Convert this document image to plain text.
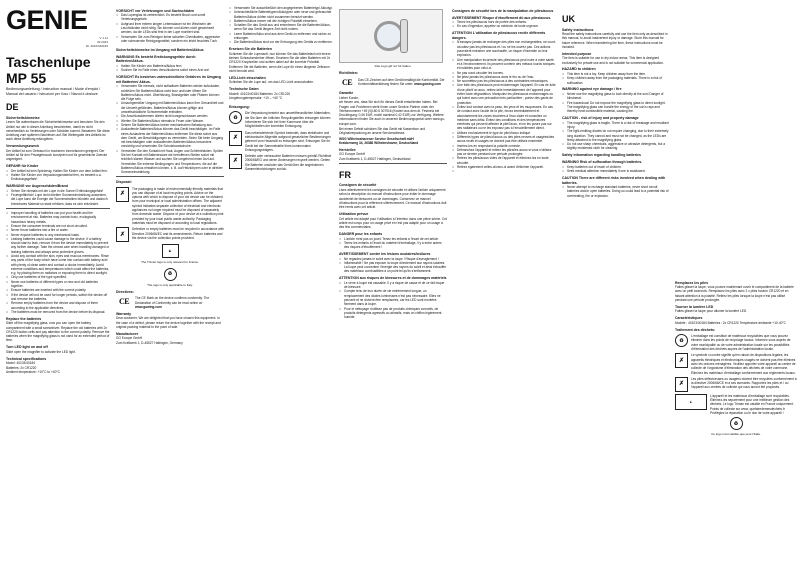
GENIE
V 1.11
02.2024
ID: 40103/40184
Taschenlupe MP 55
Bedienungsanleitung / Instruction manual / Mode d'emploi / Manual del usuario / Istruzioni per l'uso / Návod k obsluze
DE
Sicherheitshinweise
Lesen Sie aufmerksam die Sicherheitshinweise und benutzen Sie den Artikel nur wie in dieser Anleitung beschrieben, damit es nicht versehentlich zu Verletzungen oder Schäden kommt. Bewahren Sie diese Anleitung zum späteren Nachlesen auf. Bei Weitergabe des Artikels ist auch diese Anleitung mitzugeben.
Verwendungszweck
Der Artikel ist zum Gebrauch in trockenen Innenräumen geeignet. Der Artikel ist für den Privatgebrauch konzipiert und für gewerbliche Zwecke ungeeignet.
GEFAHR für Kinder
• Der Artikel ist kein Spielzeug. Halten Sie Kinder von dem Artikel fern.
• Halten Sie Kinder von Verpackungsmaterial fern, es besteht u.a. Erstickungsgefahr!
WARNUNG vor Augenschäden/Brand
• Sehen Sie niemals mit der Lupe in die Sonne! Erblindungsgefahr!
• Feuergefährlich! Lupe nicht direkter Sonneneinstrahlung aussetzen, die Lupe kann die Energie der Sonnenstrahlen bündeln und dadurch brennbares Material so stark erhitzen, dass es sich entzündet.
• Improper handling of batteries can put your health and the environment at risk. Batteries may contain toxic, ecologically hazardous heavy metals.
• Ensure the consumer terminals are not short-circuited.
• Never throw batteries into a fire or water.
• Never expose batteries to any mechanical loads.
• Leaking batteries could cause damage to the device. If a battery should start to leak, remove it from the device immediately to prevent any further damage. Take the utmost care when handling damaged or leaking batteries and always wear protective gloves.
• Avoid any contact with the skin, eyes and mucous membranes. Rinse any parts of the body which have come into contact with battery acid with plenty of clean water and contact a doctor immediately. Avoid extreme conditions and temperatures which could affect the batteries, e.g. by placing them on radiators or exposing them to direct sunlight.
• Only use batteries of the type specified.
• Never use batteries of different types or new and old batteries together.
• Ensure batteries are inserted with the correct polarity.
• If the device will not be used for longer periods, switch the device off and remove the batteries.
• Remove empty batteries from the device and dispose of them according to the applicable directives.
• The batteries must be removed from the device before its disposal.
Replace the batteries
Slide off the magnifying glass, now you can open the battery compartment with a small screwdriver. Replace the old batteries with 2x CR1220 button cells and pay attention to the correct polarity. Remove the batteries when the magnifying glass is not used for an extended period of time.
Turn LED light on and off
Slide open the magnifier to activate the LED light.
Technical specifications
Model: 40103/40184
Batteries: 2x CR1220
Ambient temperature: +10°C to +40°C
VORSICHT vor Verletzungen und Sachschäden
• Das Lupenglas ist zerbrechlich. Es besteht Bruch und somit Verletzungsgefahr.
• Aufgrund ihrer extrem langen Lebensdauer ist ein Wechseln der Leuchtdioden nicht nötig. Sie können und dürfen nicht gewechselt werden, da die LEDs sind fest in der Lupe montiert sind.
• Verwenden Sie zum Reinigen keine scharfen Chemikalien, aggressive oder scheuernde Reinigungsmittel, sondern ein leicht feuchtes Tuch.
Sicherheitshinweise im Umgang mit Batterien/Akkus
WARNUNG Es besteht Erstickungsgefahr durch Batterien/Akkus.
• Halten Sie Kinder von Batterien/Akkus fern.
• Suchen Sie im Falle eines Verschluckens sofort einen Arzt auf.
VORSICHT Es bestehen unterschiedliche Gefahren im Umgang mit Batterien/ Akkus.
• Verwenden Sie niemals, nicht aufladbare Batterien wieder aufzuladen, schließen Sie Batterien/Akkus nicht kurz und/oder öffnen Sie Batterien/Akkus nicht. Überhitzung, Brandgefahr oder Platzen können die Folge sein.
• Unsachgemäßer Umgang mit Batterien/Akkus kann Ihre Gesundheit und die Umwelt gefährden. Batterien/Akkus können giftige und umweltschädliche Schwermetalle enthalten.
• Die Anschlussklemmen dürfen nicht kurzgeschlossen werden.
• Werfen Sie Batterien/Akkus niemals in Feuer oder Wasser.
• Setzen Sie Batterien/Akkus keiner mechanischen Belastung aus.
• Auslaufende Batterien/Akkus können das Gerät beschädigen. Im Falle eines Auslaufens der Batterien/Akkus entfernen Sie diese sofort aus dem Gerät, um Beschädigungen zu vermeiden. Seien Sie beim Umgang mit beschädigten oder auslaufenden Batterien/Akkus besonders vorsichtig und verwenden Sie Schutzhandschuhe.
• Vermeiden Sie den Kontakt mit Haut, Augen und Schleimhäuten. Spülen Sie bei Kontakt mit Batteriesäure die betroffenen Stellen sofort mit reichlich klarem Wasser und suchen Sie umgehend einen Arzt auf. Vermeiden Sie extreme Bedingungen und Temperaturen, die auf die Batterien/Akkus einwirken können, z. B. auf Heizkörpern oder in direkter Sonneneinstrahlung.
Disposal:
✗
The packaging is made of environmentally friendly materials that you can dispose of at local recycling points. Advice on the options with which to dispose of your old device can be obtained from your municipal or local administration offices. The adjacent symbol indicates separate collection of electrical and electronic appliances no longer required must be disposed of separately from domestic waste. Dispose of your device at a collection point provided by your local public waste authority. Packaging materials must be disposed of according to local regulations.
✗
Defective or empty batteries must be recycled in accordance with Directive 2006/66/EC and its amendments. Return batteries and the device via the collection points provided.
☯
The Triman logo is only relevant for France.
♻
The logo is only applicable to Italy.
Directives:
CE	The CE Mark on the device confirms conformity. The Declaration of Conformity can be read online at: www.gowing.com
Warranty
Dear customer, We are delighted that you have chosen this equipment. In the case of a defect, please return the device together with the receipt and original packing material to the point of sale.
Manufacturer
GO Europe GmbH
Zum Kraftwerk 1, D-45527 Hattingen, Germany
• Verwenden Sie ausschließlich den angegebenen Batterietyp/ Akkutyp.
• Unterschiedliche Batterietypen/Akkutypen oder neue und gebrauchte Batterien/Akkus dürfen nicht zusammen benutzt werden.
• Batterien/Akkus immer mit der richtigen Polarität einsetzen.
• Schalten Sie das Gerät aus und entnehmen Sie die Batterien/Akkus, wenn Sie das Gerät längere Zeit nicht nutzen.
• Leere Batterien/Akku sind aus dem Gerät zu entfernen und sicher zu entsorgen.
• Die Batterien/Akkus sind vor der Entsorgung des Geräts zu entfernen.
Ersetzen Sie die Batterien
Schieben Sie die Lupenaufl. nun können Sie das Batteriefach mit einem kleinen Schraubendreher öffnen. Ersetzen Sie die alten Batterien mit 2x CR1220 Knopfzellen und achten dabei auf die korrekte Polarität. Entfernen Sie die Batterien, wenn die Lupe für einen längeren Zeitraum nicht benutzt wird.
LED-Licht einschalten
Schieben Sie die Lupe auf, um das LED-Licht anzuschalten.
Technische Daten
Modell: 40103/40184 Batterien: 2x CR1220
Umgebungstemperatur: +10 – +40 °C
Entsorgung:
♻
Die Verpackung besteht aus umweltfreundlichen Materialien, die Sie über die örtlichen Recyclingstellen entsorgen können. Informieren Sie sich bei Ihrer Kommune über die Möglichkeiten der korrekten Entsorgung.
✗
Das nebenstehende Symbol bedeutet, dass elektrische und elektronische Altgeräte aufgrund gesetzlicher Bestimmungen getrennt vom Hausmüll zu entsorgen sind. Entsorgen Sie Ihr Gerät bei der Sammelstelle Ihres kommunalen Entsorgungsträgers.
✗
Defekte oder verbrauchte Batterien müssen gemäß Richtlinie 2006/66/EG und deren Änderungen recycelt werden. Geben Sie Batterien und/oder das Gerät über die angebotenen Sammeleinrichtungen zurück.
Das Logo gilt nur für Italien.
Richtlinien:
CE	Das CE-Zeichen auf dem Gerät bestätigt die Konformität. Die Konformitätserklärung finden Sie unter: www.gowing.com
Garantie
Lieber Kunde,
wir freuen uns, dass Sie sich für dieses Gerät entschieden haben. Bei Fragen und Problemen steht Ihnen unser Service-Partner unter der Telefonnummer +49 (0)180 6 307916 (Kosten aus dem dt. Festnetz bei Drucklegung: 0,06 EUR, mobil maximal 0,42 EUR) zur Verfügung. Weitere Informationen finden Sie auch in unserem Bedienungsportal unter www.go-europe.com.
Bei einem Defekt schicken Sie das Gerät mit Kassenbon und Originalverpackung an unsere Serviceadresse.
WSG Wilhelmshavener Service Gesellschaft mbH
Krabbenweg 34, 26388 Wilhelmshaven, Deutschland
Hersteller:
GO Europe GmbH
Zum Kraftwerk 1, D-45527 Hattingen, Deutschland
FR
Consignes de sécurité
Lisez attentivement les consignes de sécurité et utilisez l'article uniquement selon la description du manuel d'instructions pour éviter le dommage accidentel de blessures ou de dommages. Conservez ce manuel d'instructions pour la référence ultérieurement. Ce manuel d'instructions doit être remis avec cet article.
Utilisation prévue
Cet article est adapté pour l'utilisation à l'intérieur dans une pièce sèche. Cet article est conçu pour un usage privé et n'est pas adapté pour un usage à des fins commerciales.
DANGER pour les enfants
• L'article n'est pas un jouet. Tenez les enfants à l'écart de cet article.
• Tenez les enfants à l'écart du matériel d'emballage, il y a entre autres des risques d'étouffement !
AVERTISSEMENT contre les lésions oculaires/brûlures
• Ne regardez jamais le soleil avec la loupe ! Risque d'aveuglement !
• Inflammable ! Ne pas exposer la loupe directement aux rayons solaires. La loupe peut concentrer l'énergie des rayons du soleil et ainsi échauffer des matériaux combustibles à un point tel qu'ils s'enflamment.
ATTENTION aux risques de blessures et de dommages matériels
• Le verre à loupe est cassable. Il y a risque de casse et de ce fait risque de blessure.
• Compte tenu de leur durée de vie extrêmement longue, un remplacement des diodes lumineuses n'est pas nécessaire. Elles ne peuvent et ne doivent être remplacées, car les LED sont montées fixement dans la loupe.
• Pour le nettoyage n'utilisez pas de produits chimiques corrosifs, de produits détergents agressifs ou abrasifs, mais un chiffon légèrement humide.
Consignes de sécurité lors de la manipulation de piles/accus
AVERTISSEMENT Risque d'étouffement dû aux piles/accus.
• Tenez les piles/accus hors de portée des enfants.
• En cas d'ingestion, appelez un médecin de toute urgence.
ATTENTION L'utilisation de piles/accus recèle différents dangers.
• N'essayez jamais de recharger des piles non rechargeables, ne court-circuitez pas les piles/accus et / ou ne les ouvrez pas. Ces actions pourraient entraîner une surchauffe, un risque d'incendie ou leur explosion.
• Une manipulation incorrecte des piles/accus peut nuire à votre santé et à l'environnement. Ils peuvent contenir des métaux lourds toxiques et nuisibles pour celui-ci.
• Ne pas court-circuiter les bornes.
• Ne jetez jamais les piles/accus dans le feu ou de l'eau.
• Ne soumettez pas les piles/accus à des contraintes mécaniques.
• Une fuite des piles/accus peut endommager l'appareil. En cas de fuite d'une pile/d'un accu, retirez-la/le immédiatement de l'appareil pour éviter toute dégradation. Manipulez les piles/accus endommagés ou qui fuient avec une précaution très particulière ; portez des gants de protection.
• Évitez tout contact avec la peau, les yeux et les muqueuses. En cas de contact avec l'acide de la pile, rincez immédiatement et abondamment les zones touchées à l'eau claire et consultez un médecin sans délai. Évitez des conditions et des températures extrêmes qui peuvent affecter la pile/l'accu, et ne les posez pas sur des radiateurs ou ne les exposez pas à l'ensoleillement direct.
• Utilisez exclusivement le type de pile/d'accu indiqué.
• Différents types de piles/d'accus ou des piles neuves et usagées/des accus neufs et usagés ne doivent pas être utilisés ensemble.
• Insérez-les en respectant la polarité correcte.
• Débranchez l'appareil et retirez les piles/les accus si vous n'utilisez pas ce dernier pendant une période prolongée.
• Retirez les piles/accus vides de l'appareil et éliminez-les en toute sécurité.
• Retirez également celles-ci/ceux-ci avant d'éliminer l'appareil.
UK
Safety instructions
Read the safety instructions carefully and use the item only as described in this manual, to avoid inadvertent injury or damage. Store this manual for future reference. When transferring the item, these instructions must be included.
Intended purpose
The item is suitable for use in dry indoor areas. This item is designed exclusively for private use and is not suitable for commercial application.
HAZARD to children
• This item is not a toy. Keep children away from the item.
• Keep children away from the packaging materials. There is a risk of suffocation.
WARNING against eye damage / fire
• Never use the magnifying glass to look directly at the sun! Danger of blindness!
• Fire hazardous! Do not expose the magnifying glass to direct sunlight. The magnifying glass can bundle the energy of the sun's rays and thereby heat combustible material, causing fire.
CAUTION - risk of injury and property damage
• The magnifying glass is fragile. There is a risk of breakage and resultant injury.
• The light-emitting diodes do not require changing, due to their extremely long duration. They cannot and must not be changed, as the LEDs are firmly attached to the magnifying glass.
• Do not use sharp chemicals, aggressive or abrasive detergents, but a slightly moistened cloth for cleaning.
Safety information regarding handling batteries
WARNING Risk of suffocation through batteries.
• Keep batteries out of reach of children.
• Seek medical attention immediately if one is swallowed.
CAUTION There are different risks involved when dealing with batteries.
• Never attempt to recharge standard batteries, never short circuit batteries and/or open batteries. Doing so could lead to a potential risk of overheating, fire or explosion.
Remplacez les piles
Faites glisser la loupe, vous pouvez maintenant ouvrir le compartiment de la batterie avec un petit tournevis. Remplacez les piles avec 2 x piles bouton CR1220 et en faisant attention à la polarité. Retirez les piles lorsque la loupe n'est pas utilisé pendant une période prolongée.
Tourner la lumière LED
Faites glisser la loupe pour allumer la lumière LED.
Caractéristiques
Modèle : 40103/40184 Batteries : 2x CR1220 Température ambiante +10-40°C
Traitement des déchets:
♻
L'emballage est constitué de matériaux recyclables que vous pouvez éliminer dans les points de recyclage locaux. Informez-vous auprès de votre municipalité ou de votre administration locale sur les possibilités d'élimination des déchets auprès de l'administration locale.
✗
Le symbole ci-contre signifie qu'en raison de dispositions légales, les appareils électriques et électroniques usagés ne doivent pas être éliminés avec les ordures ménagères. Veuillez apporter votre appareil au centre de collecte de l'organisme d'élimination des déchets de votre commune. Éliminez les matériaux d'emballage conformément aux règlements locaux.
✗
Les piles défectueuses ou usagées doivent être recyclées conformément à la directive 2006/66/CE et à ses avenants. Rapportez les piles et / ou l'appareil aux centres de collecte qui vous auront été proposés.
☯
L'appareil et les materiaux d'emballage sont recyclables. Éliminez-les séparément pour une meilleure gestion des déchets. Le logo Triman est valable en France uniquement. Points de collecte sur www. quefairedemesdechets.fr Privilégiez la réparation ou le don de votre appareil !
♻
Ce logo n'est valable que pour l'Italie.
